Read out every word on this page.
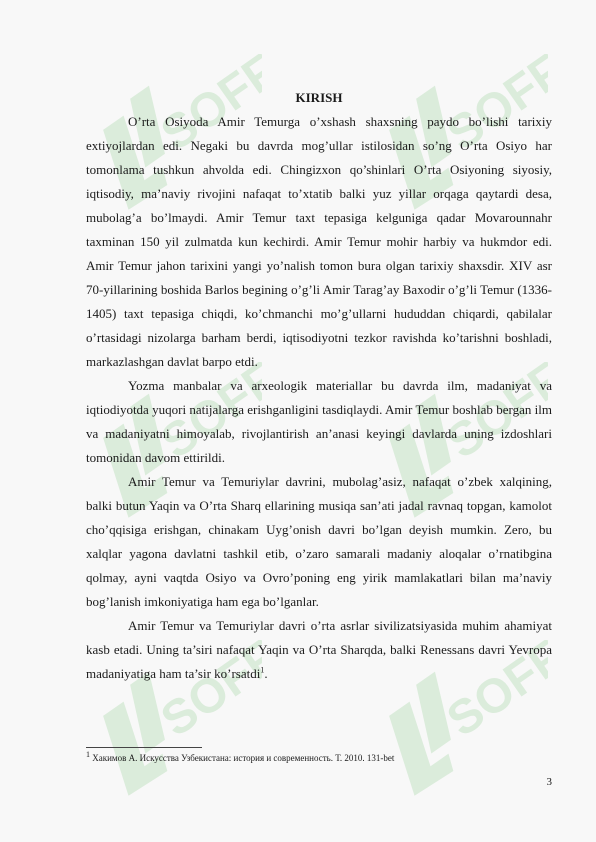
SOFF	SOFF
SOFF	SOFF
SOFF	SOFF
KIRISH

O’rta Osiyoda Amir Temurga o’xshash shaxsning paydo bo’lishi tarixiy extiyojlardan edi. Negaki bu davrda mog’ullar istilosidan so’ng O’rta Osiyo har tomonlama tushkun ahvolda edi. Chingizxon qo’shinlari O’rta Osiyoning siyosiy, iqtisodiy, ma’naviy rivojini nafaqat to’xtatib balki yuz yillar orqaga qaytardi desa, mubolag’a bo’lmaydi. Amir Temur taxt tepasiga kelguniga qadar Movarounnahr taxminan 150 yil zulmatda kun kechirdi. Amir Temur mohir harbiy va hukmdor edi. Amir Temur jahon tarixini yangi yo’nalish tomon bura olgan tarixiy shaxsdir. XIV asr 70-yillarining boshida Barlos begining o’g’li Amir Tarag’ay Baxodir o’g’li Temur (1336-1405) taxt tepasiga chiqdi, ko’chmanchi mo’g’ullarni hududdan chiqardi, qabilalar o’rtasidagi nizolarga barham berdi, iqtisodiyotni tezkor ravishda ko’tarishni boshladi, markazlashgan davlat barpo etdi.

Yozma manbalar va arxeologik materiallar bu davrda ilm, madaniyat va iqtiodiyotda yuqori natijalarga erishganligini tasdiqlaydi. Amir Temur boshlab bergan ilm va madaniyatni himoyalab, rivojlantirish an’anasi keyingi davlarda uning izdoshlari tomonidan davom ettirildi.

Amir Temur va Temuriylar davrini, mubolag’asiz, nafaqat o’zbek xalqining, balki butun Yaqin va O’rta Sharq ellarining musiqa san’ati jadal ravnaq topgan, kamolot cho’qqisiga erishgan, chinakam Uyg’onish davri bo’lgan deyish mumkin. Zero, bu xalqlar yagona davlatni tashkil etib, o’zaro samarali madaniy aloqalar o’rnatibgina qolmay, ayni vaqtda Osiyo va Ovro’poning eng yirik mamlakatlari bilan ma’naviy bog’lanish imkoniyatiga ham ega bo’lganlar.

Amir Temur va Temuriylar davri o’rta asrlar sivilizatsiyasida muhim ahamiyat kasb etadi. Uning ta’siri nafaqat Yaqin va O’rta Sharqda, balki Renessans davri Yevropa madaniyatiga ham ta’sir ko’rsatdi$^1$.

$^1$ Хакимов А. Искусства Узбекистана: история и современность. Т. 2010. 131-bet
3
